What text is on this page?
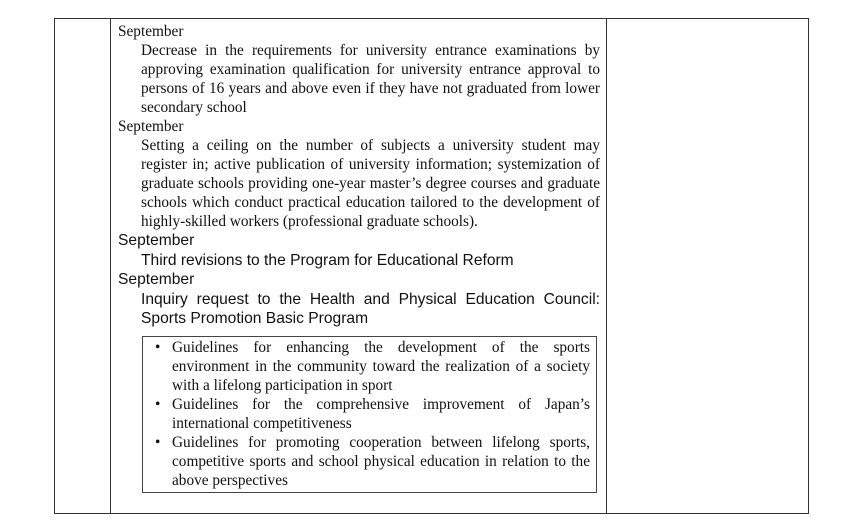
September

Decrease in the requirements for university entrance examinations by approving examination qualification for university entrance approval to persons of 16 years and above even if they have not graduated from lower secondary school

September

Setting a ceiling on the number of subjects a university student may register in; active publication of university information; systemization of graduate schools providing one-year master’s degree courses and graduate schools which conduct practical education tailored to the development of highly-skilled workers (professional graduate schools).

September

Third revisions to the Program for Educational Reform

September

Inquiry request to the Health and Physical Education Council: Sports Promotion Basic Program

• Guidelines for enhancing the development of the sports environment in the community toward the realization of a society with a lifelong participation in sport
• Guidelines for the comprehensive improvement of Japan’s international competitiveness
• Guidelines for promoting cooperation between lifelong sports, competitive sports and school physical education in relation to the above perspectives
